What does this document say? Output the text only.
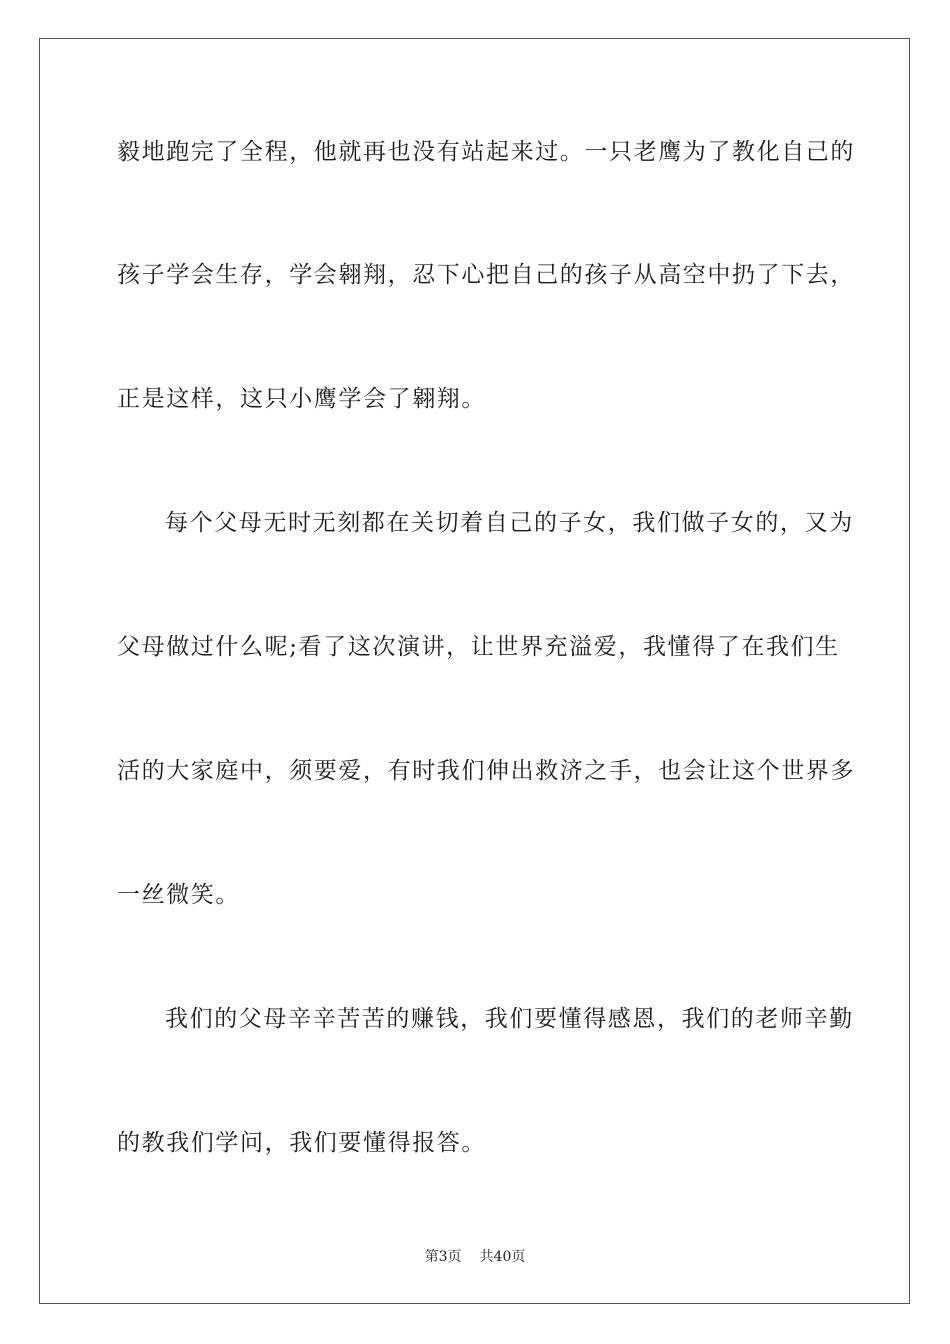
毅地跑完了全程，他就再也没有站起来过。一只老鹰为了教化自己的
孩子学会生存，学会翱翔，忍下心把自己的孩子从高空中扔了下去，
正是这样，这只小鹰学会了翱翔。
每个父母无时无刻都在关切着自己的子女，我们做子女的，又为
父母做过什么呢;看了这次演讲，让世界充溢爱，我懂得了在我们生
活的大家庭中，须要爱，有时我们伸出救济之手，也会让这个世界多
一丝微笑。
我们的父母辛辛苦苦的赚钱，我们要懂得感恩，我们的老师辛勤
的教我们学问，我们要懂得报答。
第3页 共40页
